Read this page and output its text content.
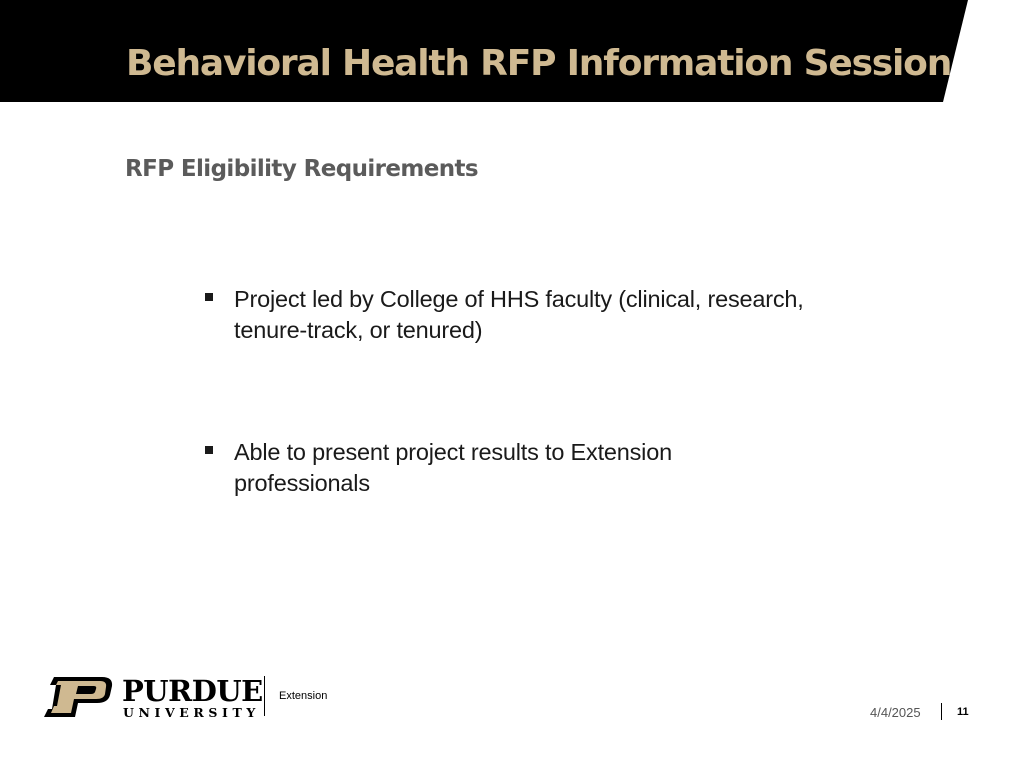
Behavioral Health RFP Information Session
RFP Eligibility Requirements
Project led by College of HHS faculty (clinical, research, tenure-track, or tenured)
Able to present project results to Extension professionals
PURDUE
UNIVERSITY
Extension
4/4/2025	11
